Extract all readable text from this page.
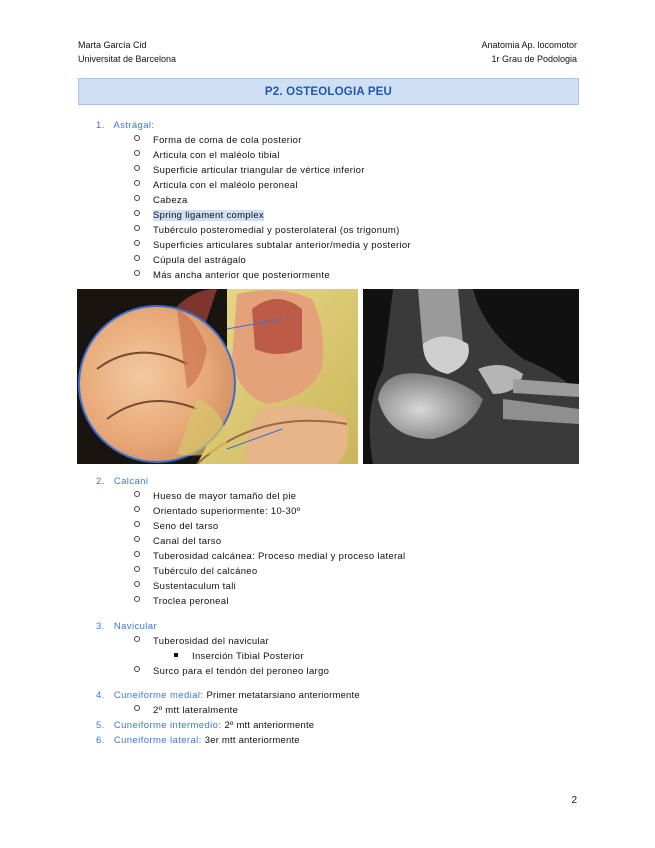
Marta García Cid
Universitat de Barcelona
Anatomia Ap. locomotor
1r Grau de Podologia
P2. OSTEOLOGIA PEU
1. Astrágal:
Forma de coma de cola posterior
Articula con el maléolo tibial
Superficie articular triangular de vértice inferior
Articula con el maléolo peroneal
Cabeza
Spring ligament complex
Tubérculo posteromedial y posterolateral (os trigonum)
Superficies articulares subtalar anterior/media y posterior
Cúpula del astrágalo
Más ancha anterior que posteriormente
2. Calcani
Hueso de mayor tamaño del pie
Orientado superiormente: 10-30º
Seno del tarso
Canal del tarso
Tuberosidad calcánea: Proceso medial y proceso lateral
Tubérculo del calcáneo
Sustentaculum tali
Troclea peroneal
3. Navicular
Tuberosidad del navicular
Inserción Tibial Posterior
Surco para el tendón del peroneo largo
4. Cuneiforme medial: Primer metatarsiano anteriormente
2º mtt lateralmente
5. Cuneiforme intermedio: 2º mtt anteriormente
6. Cuneiforme lateral: 3er mtt anteriormente
2
